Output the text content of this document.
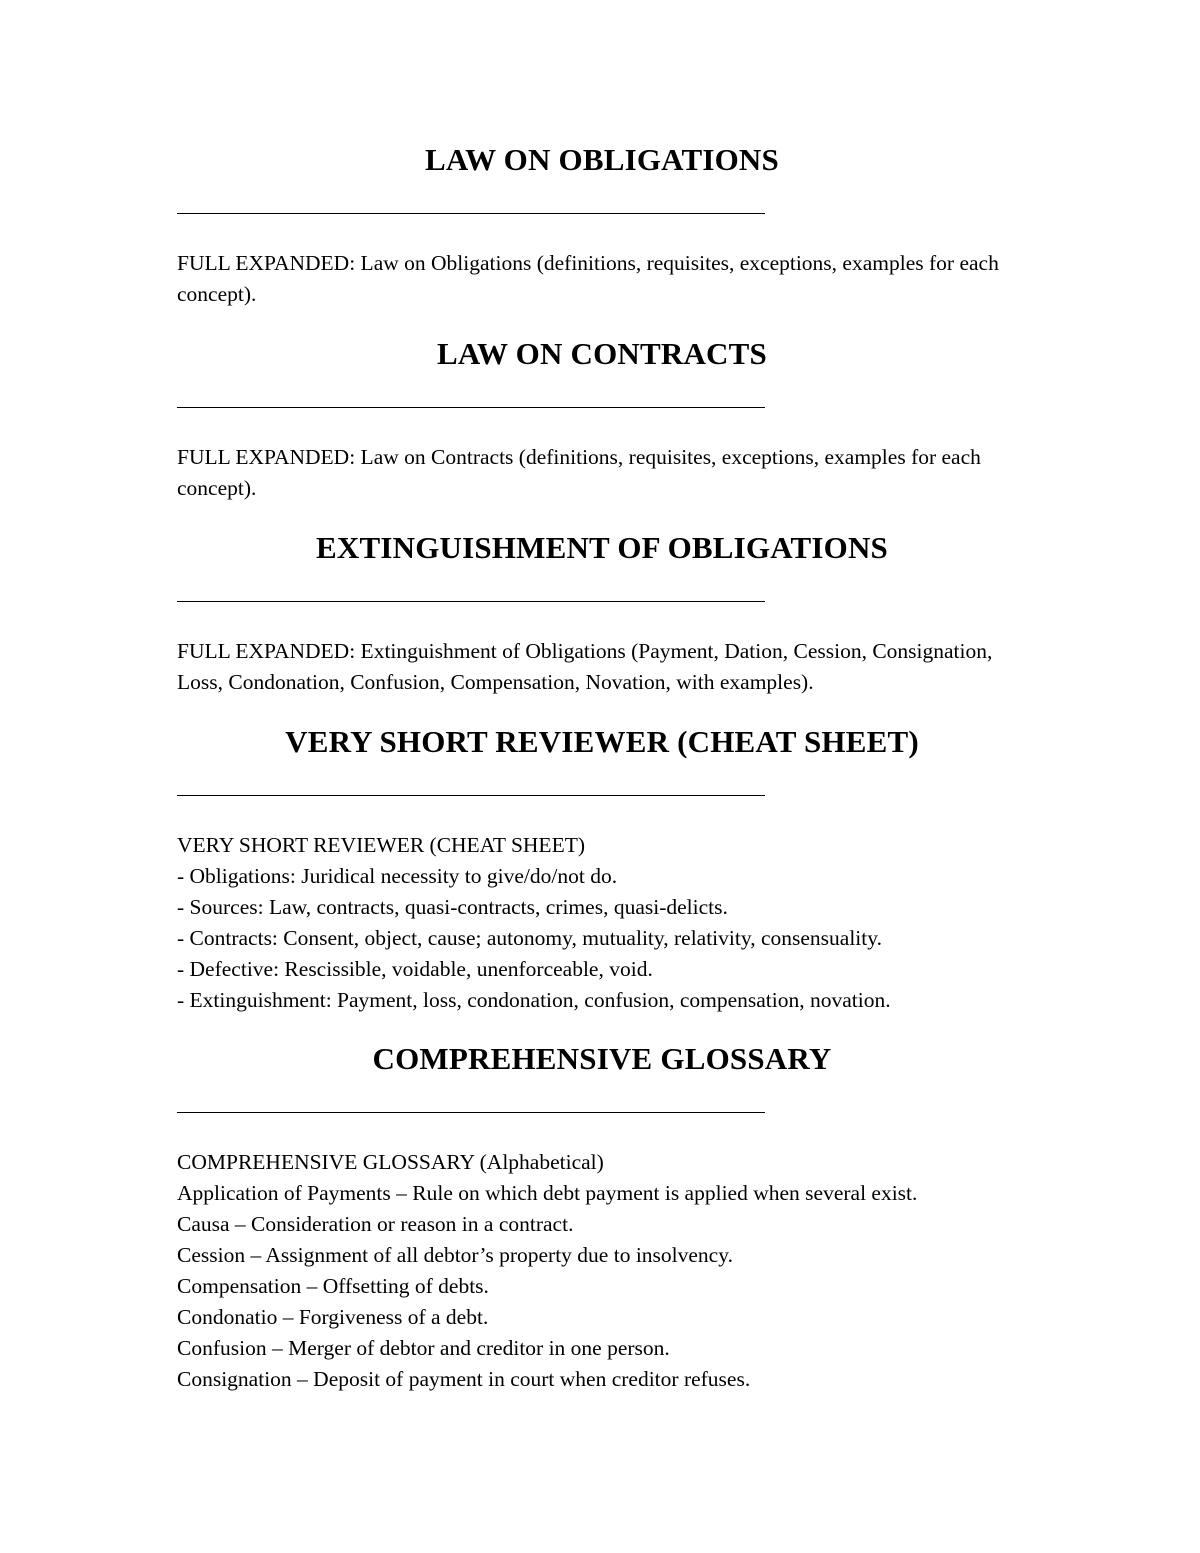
LAW ON OBLIGATIONS

FULL EXPANDED: Law on Obligations (definitions, requisites, exceptions, examples for each concept).

LAW ON CONTRACTS

FULL EXPANDED: Law on Contracts (definitions, requisites, exceptions, examples for each concept).

EXTINGUISHMENT OF OBLIGATIONS

FULL EXPANDED: Extinguishment of Obligations (Payment, Dation, Cession, Consignation, Loss, Condonation, Confusion, Compensation, Novation, with examples).

VERY SHORT REVIEWER (CHEAT SHEET)
VERY SHORT REVIEWER (CHEAT SHEET)
- Obligations: Juridical necessity to give/do/not do.
- Sources: Law, contracts, quasi-contracts, crimes, quasi-delicts.
- Contracts: Consent, object, cause; autonomy, mutuality, relativity, consensuality.
- Defective: Rescissible, voidable, unenforceable, void.
- Extinguishment: Payment, loss, condonation, confusion, compensation, novation.
COMPREHENSIVE GLOSSARY
COMPREHENSIVE GLOSSARY (Alphabetical)
Application of Payments – Rule on which debt payment is applied when several exist.
Causa – Consideration or reason in a contract.
Cession – Assignment of all debtor’s property due to insolvency.
Compensation – Offsetting of debts.
Condonatio – Forgiveness of a debt.
Confusion – Merger of debtor and creditor in one person.
Consignation – Deposit of payment in court when creditor refuses.
